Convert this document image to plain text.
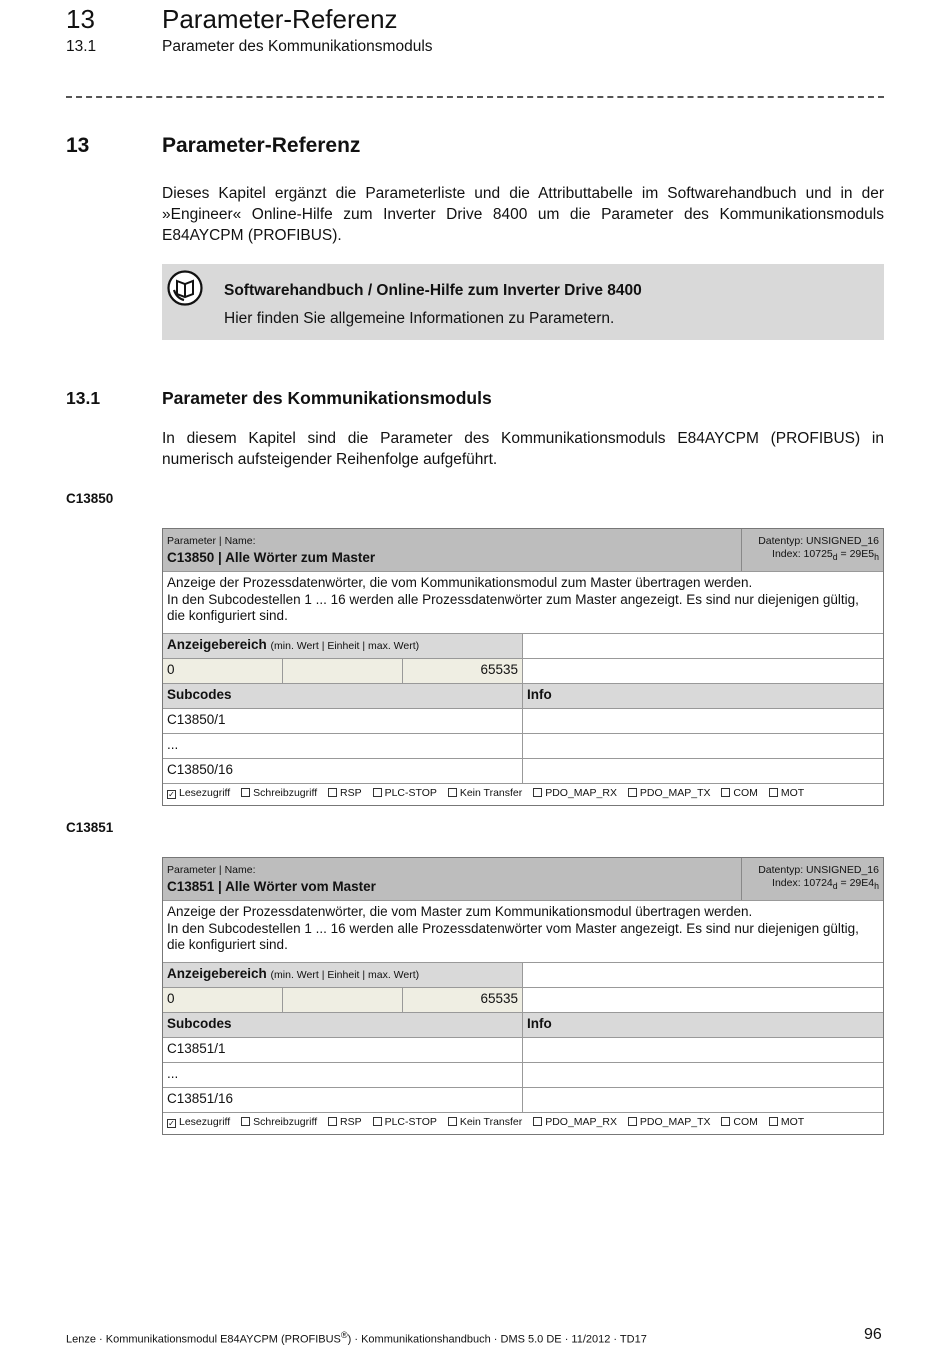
13	Parameter-Referenz
13.1	Parameter des Kommunikationsmoduls
13	Parameter-Referenz
Dieses Kapitel ergänzt die Parameterliste und die Attributtabelle im Softwarehandbuch und in der »Engineer« Online-Hilfe zum Inverter Drive 8400 um die Parameter des Kommunikationsmoduls E84AYCPM (PROFIBUS).
Softwarehandbuch / Online-Hilfe zum Inverter Drive 8400
Hier finden Sie allgemeine Informationen zu Parametern.
13.1	Parameter des Kommunikationsmoduls
In diesem Kapitel sind die Parameter des Kommunikationsmoduls E84AYCPM (PROFIBUS) in numerisch aufsteigender Reihenfolge aufgeführt.
C13850
Parameter | Name:
C13850 | Alle Wörter zum Master
Datentyp: UNSIGNED_16
Index: $10725_d = 29E5_h$
Anzeige der Prozessdatenwörter, die vom Kommunikationsmodul zum Master übertragen werden.
In den Subcodestellen 1 ... 16 werden alle Prozessdatenwörter zum Master angezeigt. Es sind nur diejenigen gültig, die konfiguriert sind.
Anzeigebereich (min. Wert | Einheit | max. Wert)
0	65535
Subcodes	Info
C13850/1
...
C13850/16
✓ Lesezugriff Schreibzugriff RSP PLC-STOP Kein Transfer PDO_MAP_RX PDO_MAP_TX COM MOT
C13851
Parameter | Name:
C13851 | Alle Wörter vom Master
Datentyp: UNSIGNED_16
Index: $10724_d = 29E4_h$
Anzeige der Prozessdatenwörter, die vom Master zum Kommunikationsmodul übertragen werden.
In den Subcodestellen 1 ... 16 werden alle Prozessdatenwörter vom Master angezeigt. Es sind nur diejenigen gültig, die konfiguriert sind.
Anzeigebereich (min. Wert | Einheit | max. Wert)
0	65535
Subcodes	Info
C13851/1
...
C13851/16
✓ Lesezugriff Schreibzugriff RSP PLC-STOP Kein Transfer PDO_MAP_RX PDO_MAP_TX COM MOT
Lenze · Kommunikationsmodul E84AYCPM (PROFIBUS®) · Kommunikationshandbuch · DMS 5.0 DE · 11/2012 · TD17	96
